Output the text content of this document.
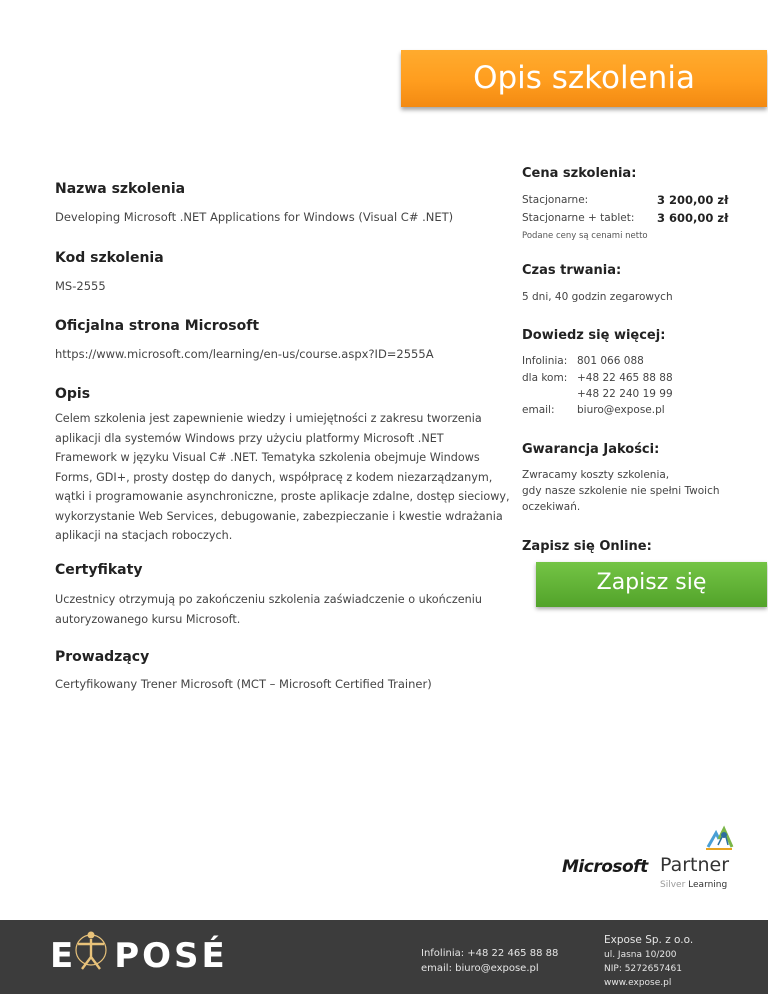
Opis szkolenia
Nazwa szkolenia
Developing Microsoft .NET Applications for Windows (Visual C# .NET)
Kod szkolenia
MS-2555
Oficjalna strona Microsoft
https://www.microsoft.com/learning/en-us/course.aspx?ID=2555A
Opis
Celem szkolenia jest zapewnienie wiedzy i umiejętności z zakresu tworzenia
aplikacji dla systemów Windows przy użyciu platformy Microsoft .NET
Framework w języku Visual C# .NET. Tematyka szkolenia obejmuje Windows
Forms, GDI+, prosty dostęp do danych, współpracę z kodem niezarządzanym,
wątki i programowanie asynchroniczne, proste aplikacje zdalne, dostęp sieciowy,
wykorzystanie Web Services, debugowanie, zabezpieczanie i kwestie wdrażania
aplikacji na stacjach roboczych.
Certyfikaty
Uczestnicy otrzymują po zakończeniu szkolenia zaświadczenie o ukończeniu
autoryzowanego kursu Microsoft.
Prowadzący
Certyfikowany Trener Microsoft (MCT – Microsoft Certified Trainer)
Cena szkolenia:
Stacjonarne:	3 200,00 zł
Stacjonarne + tablet: 3 600,00 zł
Podane ceny są cenami netto
Czas trwania:
5 dni, 40 godzin zegarowych
Dowiedz się więcej:
Infolinia: 801 066 088
dla kom: +48 22 465 88 88
+48 22 240 19 99
email: biuro@expose.pl
Gwarancja Jakości:
Zwracamy koszty szkolenia,
gdy nasze szkolenie nie spełni Twoich
oczekiwań.
Zapisz się Online:
Zapisz się
Microsoft Partner
Silver Learning
E POSÉ	Infolinia: +48 22 465 88 88
email: biuro@expose.pl
Expose Sp. z o.o.
ul. Jasna 10/200
NIP: 5272657461
www.expose.pl
